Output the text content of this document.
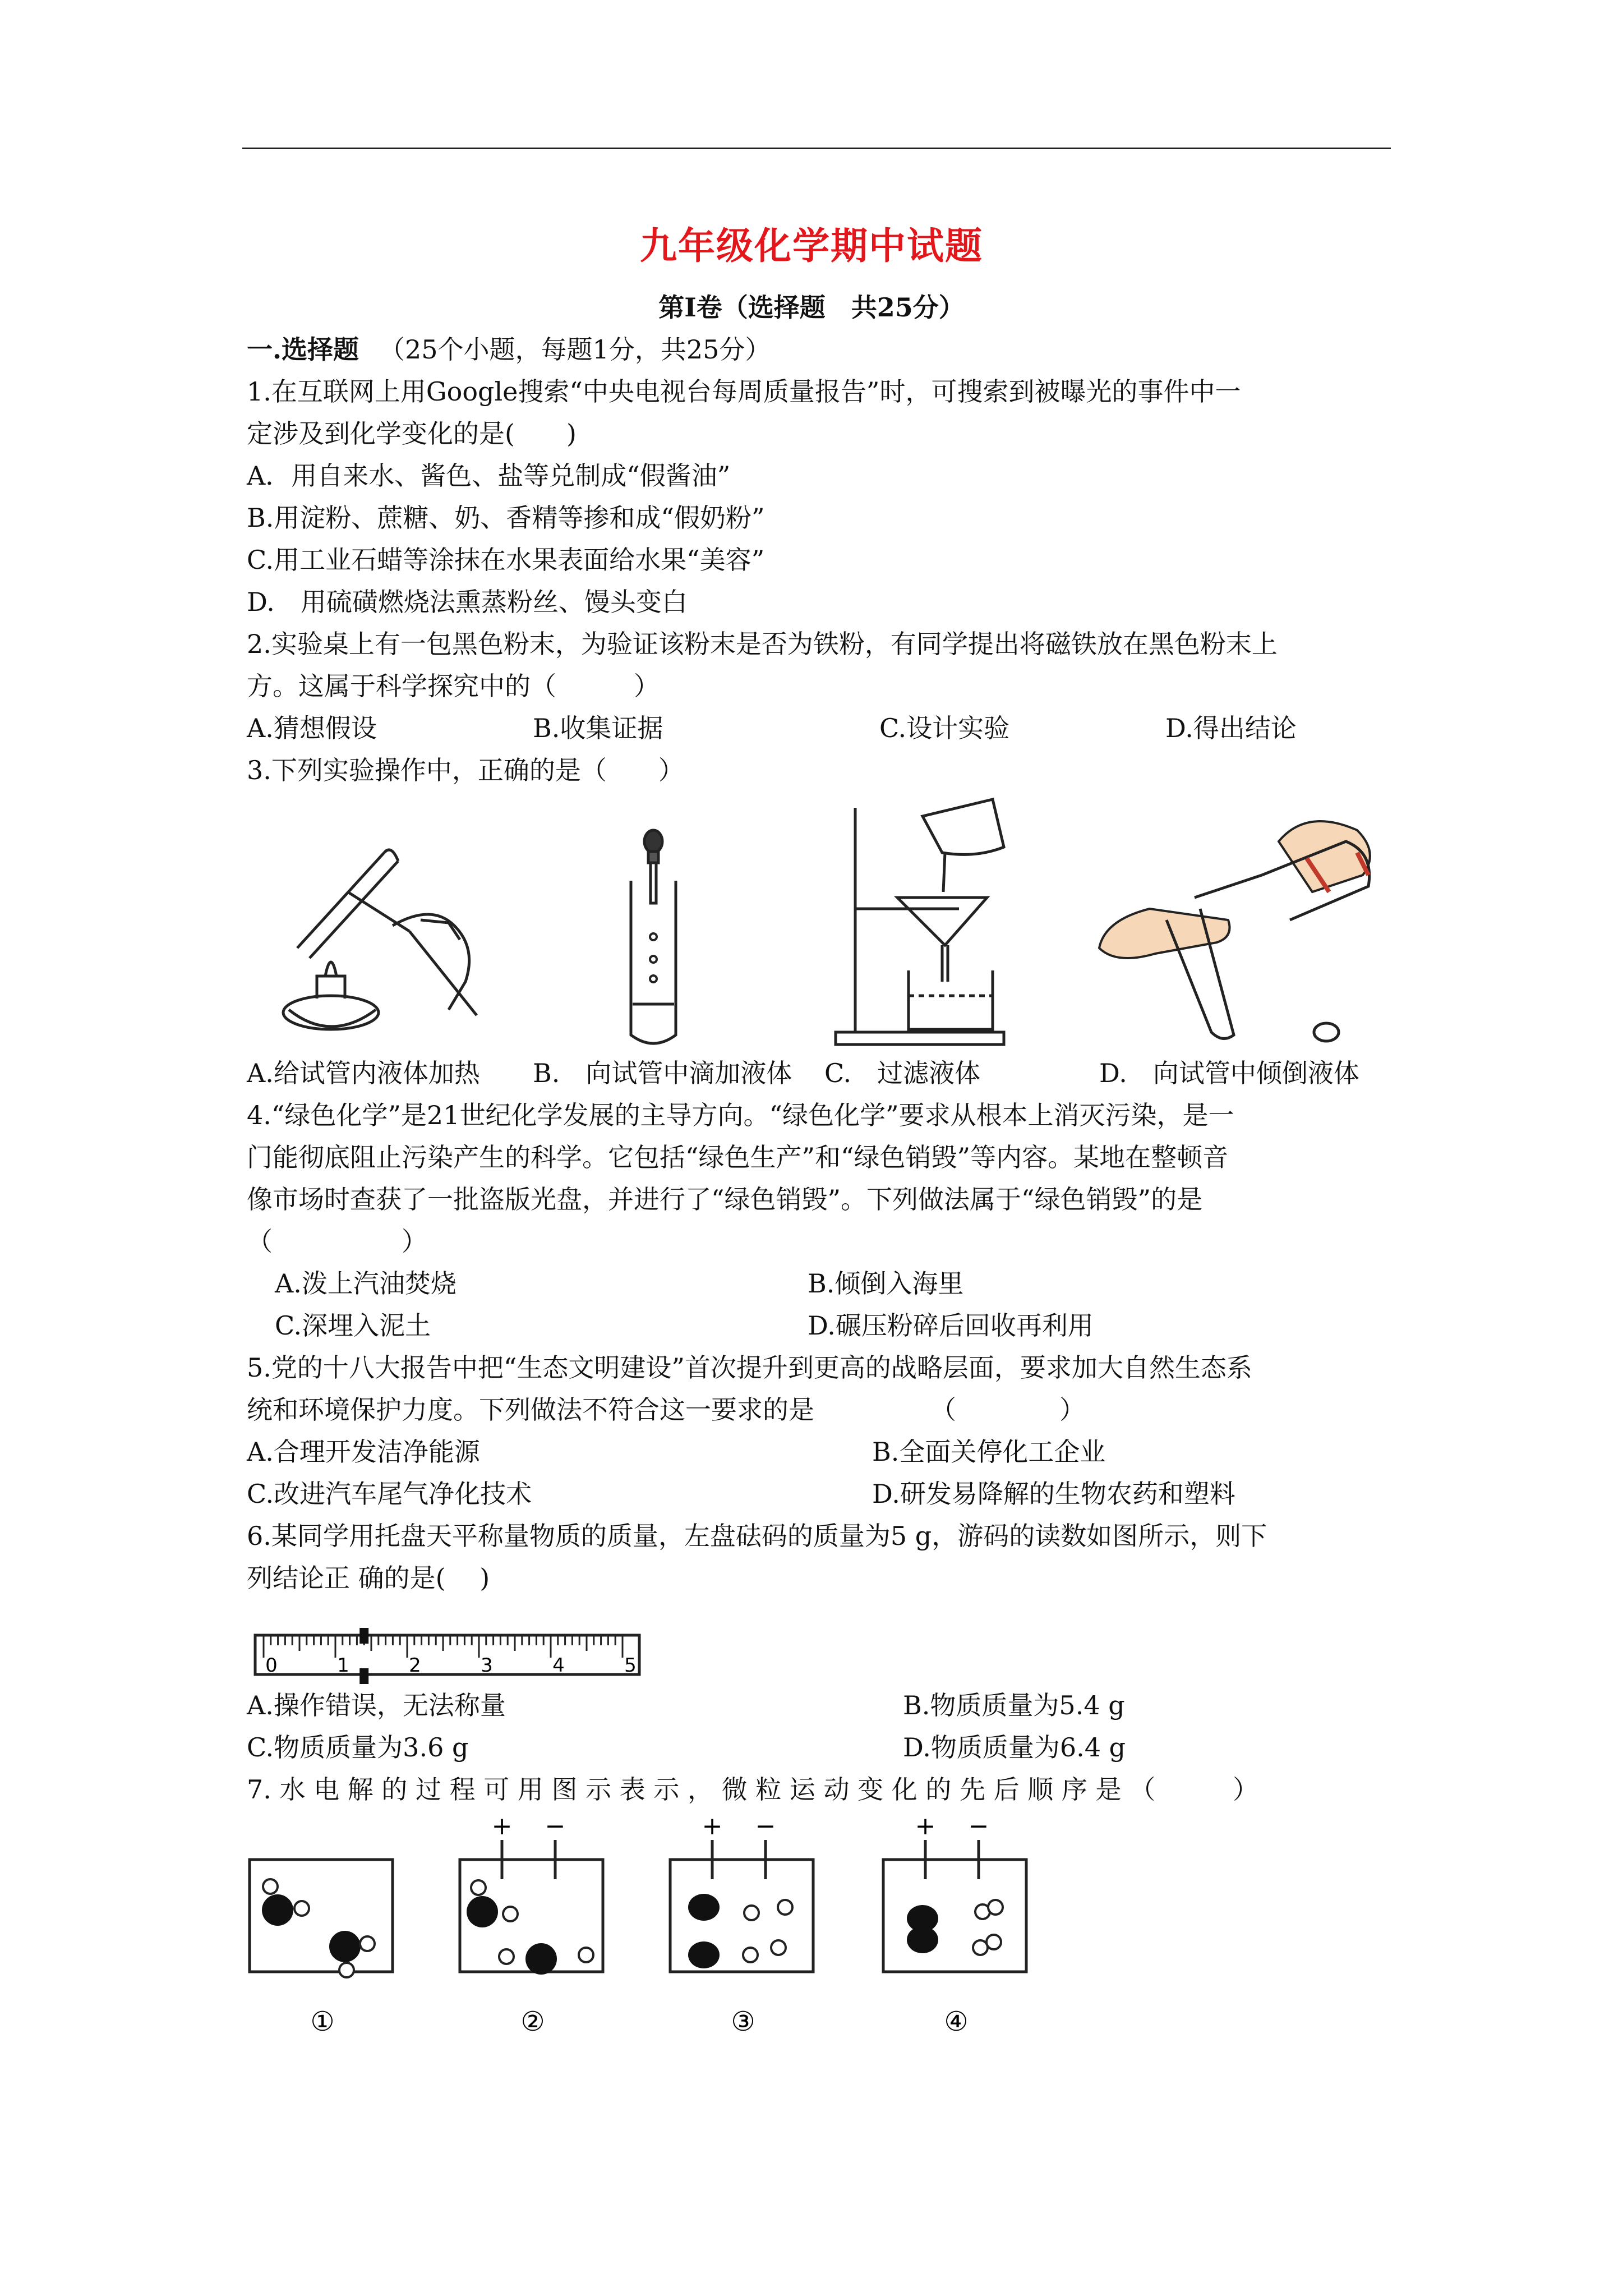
九年级化学期中试题
第Ⅰ卷（选择题　共25分）
一.选择题 （25个小题，每题1分，共25分）
1.在互联网上用Google搜索“中央电视台每周质量报告”时，可搜索到被曝光的事件中一
定涉及到化学变化的是(　　)
A．用自来水、酱色、盐等兑制成“假酱油”
B.用淀粉、蔗糖、奶、香精等掺和成“假奶粉”
C.用工业石蜡等涂抹在水果表面给水果“美容”
D.　用硫磺燃烧法熏蒸粉丝、馒头变白
2.实验桌上有一包黑色粉末，为验证该粉末是否为铁粉，有同学提出将磁铁放在黑色粉末上
方。这属于科学探究中的（　　　）
A.猜想假设	B.收集证据	C.设计实验	D.得出结论
3.下列实验操作中，正确的是（　　）
A.给试管内液体加热 B.　向试管中滴加液体 C.　过滤液体	D.　向试管中倾倒液体
4.“绿色化学”是21世纪化学发展的主导方向。“绿色化学”要求从根本上消灭污染，是一
门能彻底阻止污染产生的科学。它包括“绿色生产”和“绿色销毁”等内容。某地在整顿音
像市场时查获了一批盗版光盘，并进行了“绿色销毁”。下列做法属于“绿色销毁”的是
（　　　　　）
A.泼上汽油焚烧	B.倾倒入海里
C.深埋入泥土	D.碾压粉碎后回收再利用
5.党的十八大报告中把“生态文明建设”首次提升到更高的战略层面，要求加大自然生态系
统和环境保护力度。下列做法不符合这一要求的是　　　　　（　　　　）
A.合理开发洁净能源	B.全面关停化工企业
C.改进汽车尾气净化技术	D.研发易降解的生物农药和塑料
6.某同学用托盘天平称量物质的质量，左盘砝码的质量为5 g，游码的读数如图所示，则下
列结论正 确的是(　 )
0	1	2	3	4	5
A.操作错误，无法称量	B.物质质量为5.4 g
C.物质质量为3.6 g	D.物质质量为6.4 g
7. 水 电 解 的 过 程 可 用 图 示 表 示 ， 微 粒 运 动 变 化 的 先 后 顺 序 是 （　　　）
①
+ −
②
+ −
③
+ −
④
